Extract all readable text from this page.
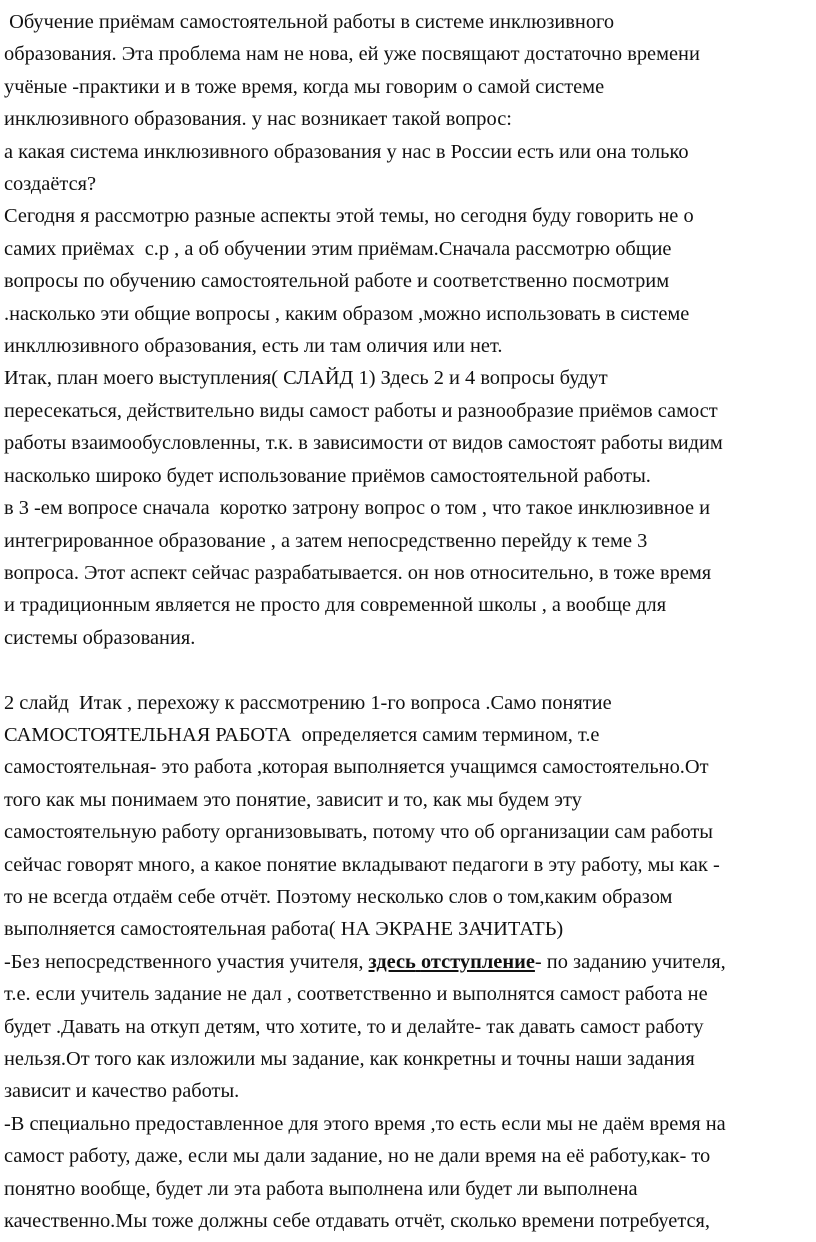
Обучение приёмам самостоятельной работы в системе инклюзивного
образования. Эта проблема нам не нова, ей уже посвящают достаточно времени
учёные -практики и в тоже время, когда мы говорим о самой системе
инклюзивного образования. у нас возникает такой вопрос:
а какая система инклюзивного образования у нас в России есть или она только
создаётся?
Сегодня я рассмотрю разные аспекты этой темы, но сегодня буду говорить не о
самих приёмах  с.р , а об обучении этим приёмам.Сначала рассмотрю общие
вопросы по обучению самостоятельной работе и соответственно посмотрим
.насколько эти общие вопросы , каким образом ,можно использовать в системе
инкллюзивного образования, есть ли там оличия или нет.
Итак, план моего выступления( СЛАЙД 1) Здесь 2 и 4 вопросы будут
пересекаться, действительно виды самост работы и разнообразие приёмов самост
работы взаимообусловленны, т.к. в зависимости от видов самостоят работы видим
насколько широко будет использование приёмов самостоятельной работы.
в 3 -ем вопросе сначала  коротко затрону вопрос о том , что такое инклюзивное и
интегрированное образование , а затем непосредственно перейду к теме 3
вопроса. Этот аспект сейчас разрабатывается. он нов относительно, в тоже время
и традиционным является не просто для современной школы , а вообще для
системы образования.
2 слайд  Итак , перехожу к рассмотрению 1-го вопроса .Само понятие
САМОСТОЯТЕЛЬНАЯ РАБОТА  определяется самим термином, т.е
самостоятельная- это работа ,которая выполняется учащимся самостоятельно.От
того как мы понимаем это понятие, зависит и то, как мы будем эту
самостоятельную работу организовывать, потому что об организации сам работы
сейчас говорят много, а какое понятие вкладывают педагоги в эту работу, мы как -
то не всегда отдаём себе отчёт. Поэтому несколько слов о том,каким образом
выполняется самостоятельная работа( НА ЭКРАНЕ ЗАЧИТАТЬ)
-Без непосредственного участия учителя, здесь отступление- по заданию учителя,
т.е. если учитель задание не дал , соответственно и выполнятся самост работа не
будет .Давать на откуп детям, что хотите, то и делайте- так давать самост работу
нельзя.От того как изложили мы задание, как конкретны и точны наши задания
зависит и качество работы.
-В специально предоставленное для этого время ,то есть если мы не даём время на
самост работу, даже, если мы дали задание, но не дали время на её работу,как- то
понятно вообще, будет ли эта работа выполнена или будет ли выполнена
качественно.Мы тоже должны себе отдавать отчёт, сколько времени потребуется,
